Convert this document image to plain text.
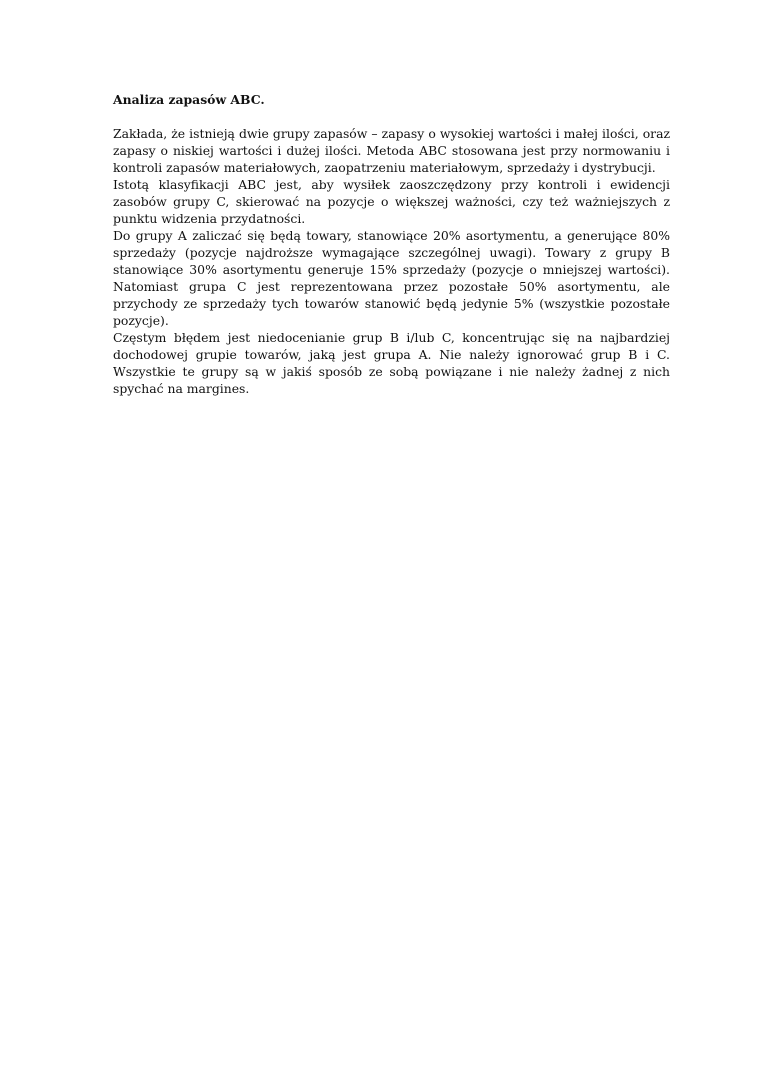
Analiza zapasów ABC.

Zakłada, że istnieją dwie grupy zapasów – zapasy o wysokiej wartości i małej ilości, oraz zapasy o niskiej wartości i dużej ilości. Metoda ABC stosowana jest przy normowaniu i kontroli zapasów materiałowych, zaopatrzeniu materiałowym, sprzedaży i dystrybucji.

Istotą klasyfikacji ABC jest, aby wysiłek zaoszczędzony przy kontroli i ewidencji zasobów grupy C, skierować na pozycje o większej ważności, czy też ważniejszych z punktu widzenia przydatności.

Do grupy A zaliczać się będą towary, stanowiące 20% asortymentu, a generujące 80% sprzedaży (pozycje najdroższe wymagające szczególnej uwagi). Towary z grupy B stanowiące 30% asortymentu generuje 15% sprzedaży (pozycje o mniejszej wartości). Natomiast grupa C jest reprezentowana przez pozostałe 50% asortymentu, ale przychody ze sprzedaży tych towarów stanowić będą jedynie 5% (wszystkie pozostałe pozycje).

Częstym błędem jest niedocenianie grup B i/lub C, koncentrując się na najbardziej dochodowej grupie towarów, jaką jest grupa A. Nie należy ignorować grup B i C. Wszystkie te grupy są w jakiś sposób ze sobą powiązane i nie należy żadnej z nich spychać na margines.
